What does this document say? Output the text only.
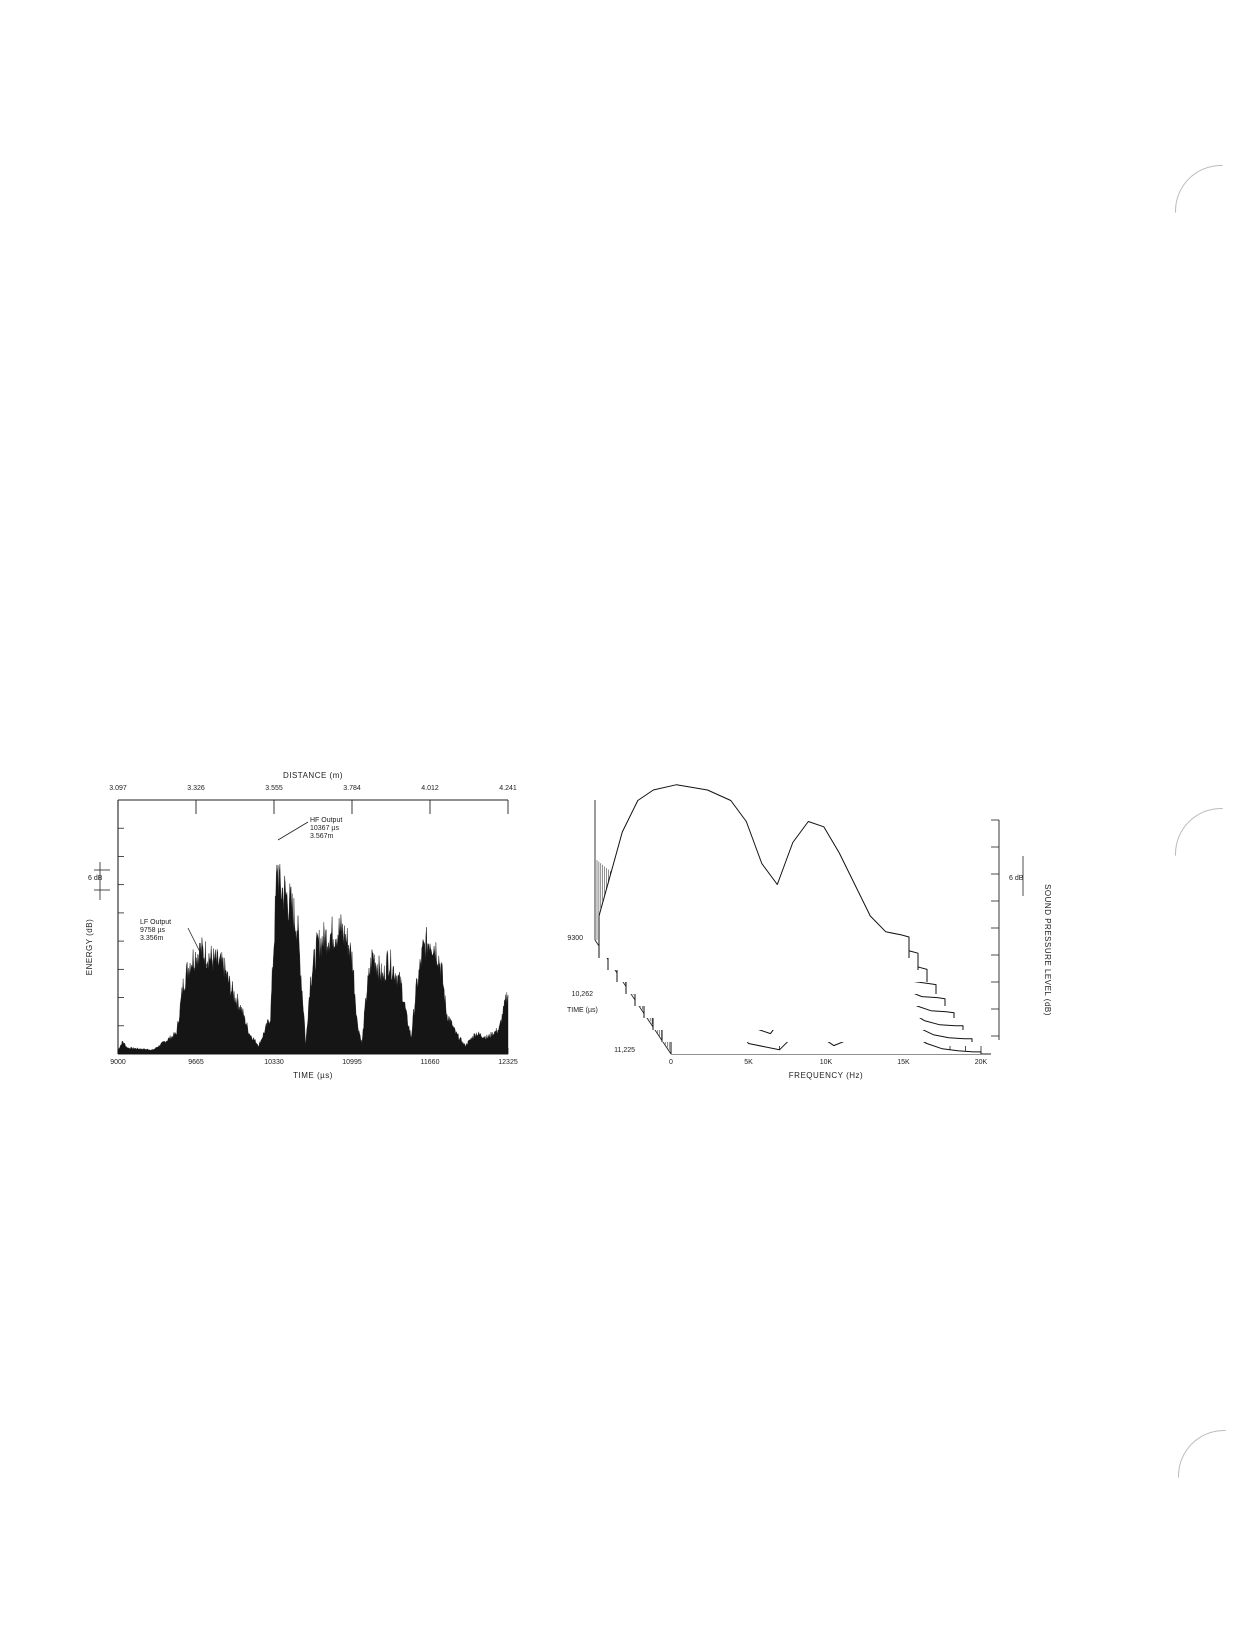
DISTANCE (m)
3.097	3.326	3.555	3.784	4.012	4.241
9000	9665	10330	10995	11660	12325
TIME (µs)
ENERGY (dB)
6 dB
LF Output
9758 µs
3.356m
HF Output
10367 µs
3.567m
0	5K	10K	15K	20K
FREQUENCY (Hz)
9300
10,262
11,225
TIME (µs)
6 dB
SOUND PRESSURE LEVEL (dB)
